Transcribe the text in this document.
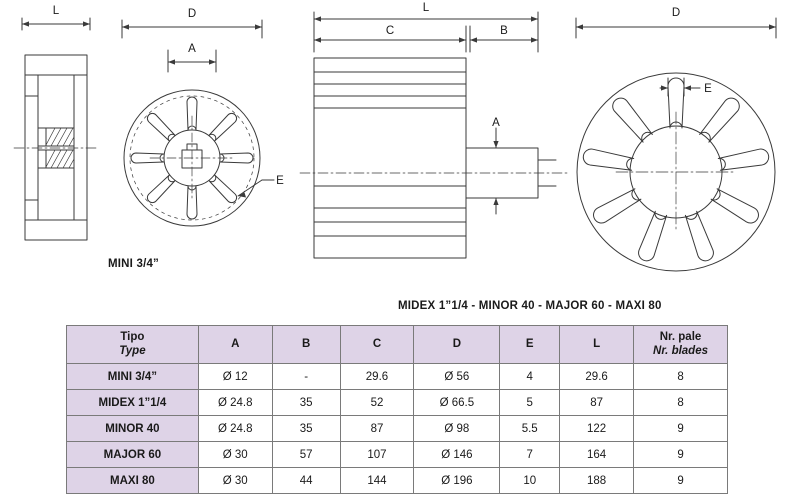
L	D
A
E
L
C	B
A
D
E
MINI 3/4”
MIDEX 1”1/4 - MINOR 40 - MAJOR 60 - MAXI 80
Tipo
Type	A	B	C	D	E	L	Nr. pale
Nr. blades

MINI 3/4”	Ø 12	-	29.6	Ø 56	4	29.6	8
MIDEX 1”1/4	Ø 24.8	35	52	Ø 66.5	5	87	8
MINOR 40	Ø 24.8	35	87	Ø 98	5.5	122	9
MAJOR 60	Ø 30	57	107	Ø 146	7	164	9
MAXI 80	Ø 30	44	144	Ø 196	10	188	9
